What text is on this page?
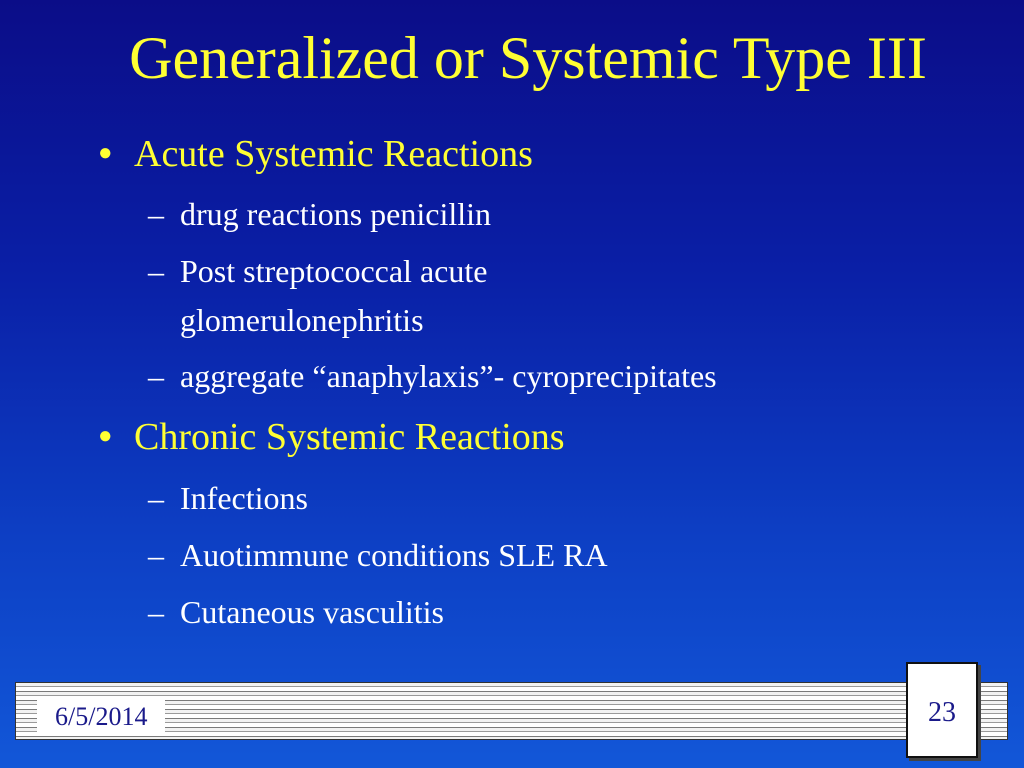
Generalized or Systemic Type III
● Acute Systemic Reactions
– drug reactions penicillin
– Post streptococcal acute
glomerulonephritis
– aggregate “anaphylaxis”- cyroprecipitates
● Chronic Systemic Reactions
– Infections
– Auotimmune conditions SLE RA
– Cutaneous vasculitis
6/5/2014	23
